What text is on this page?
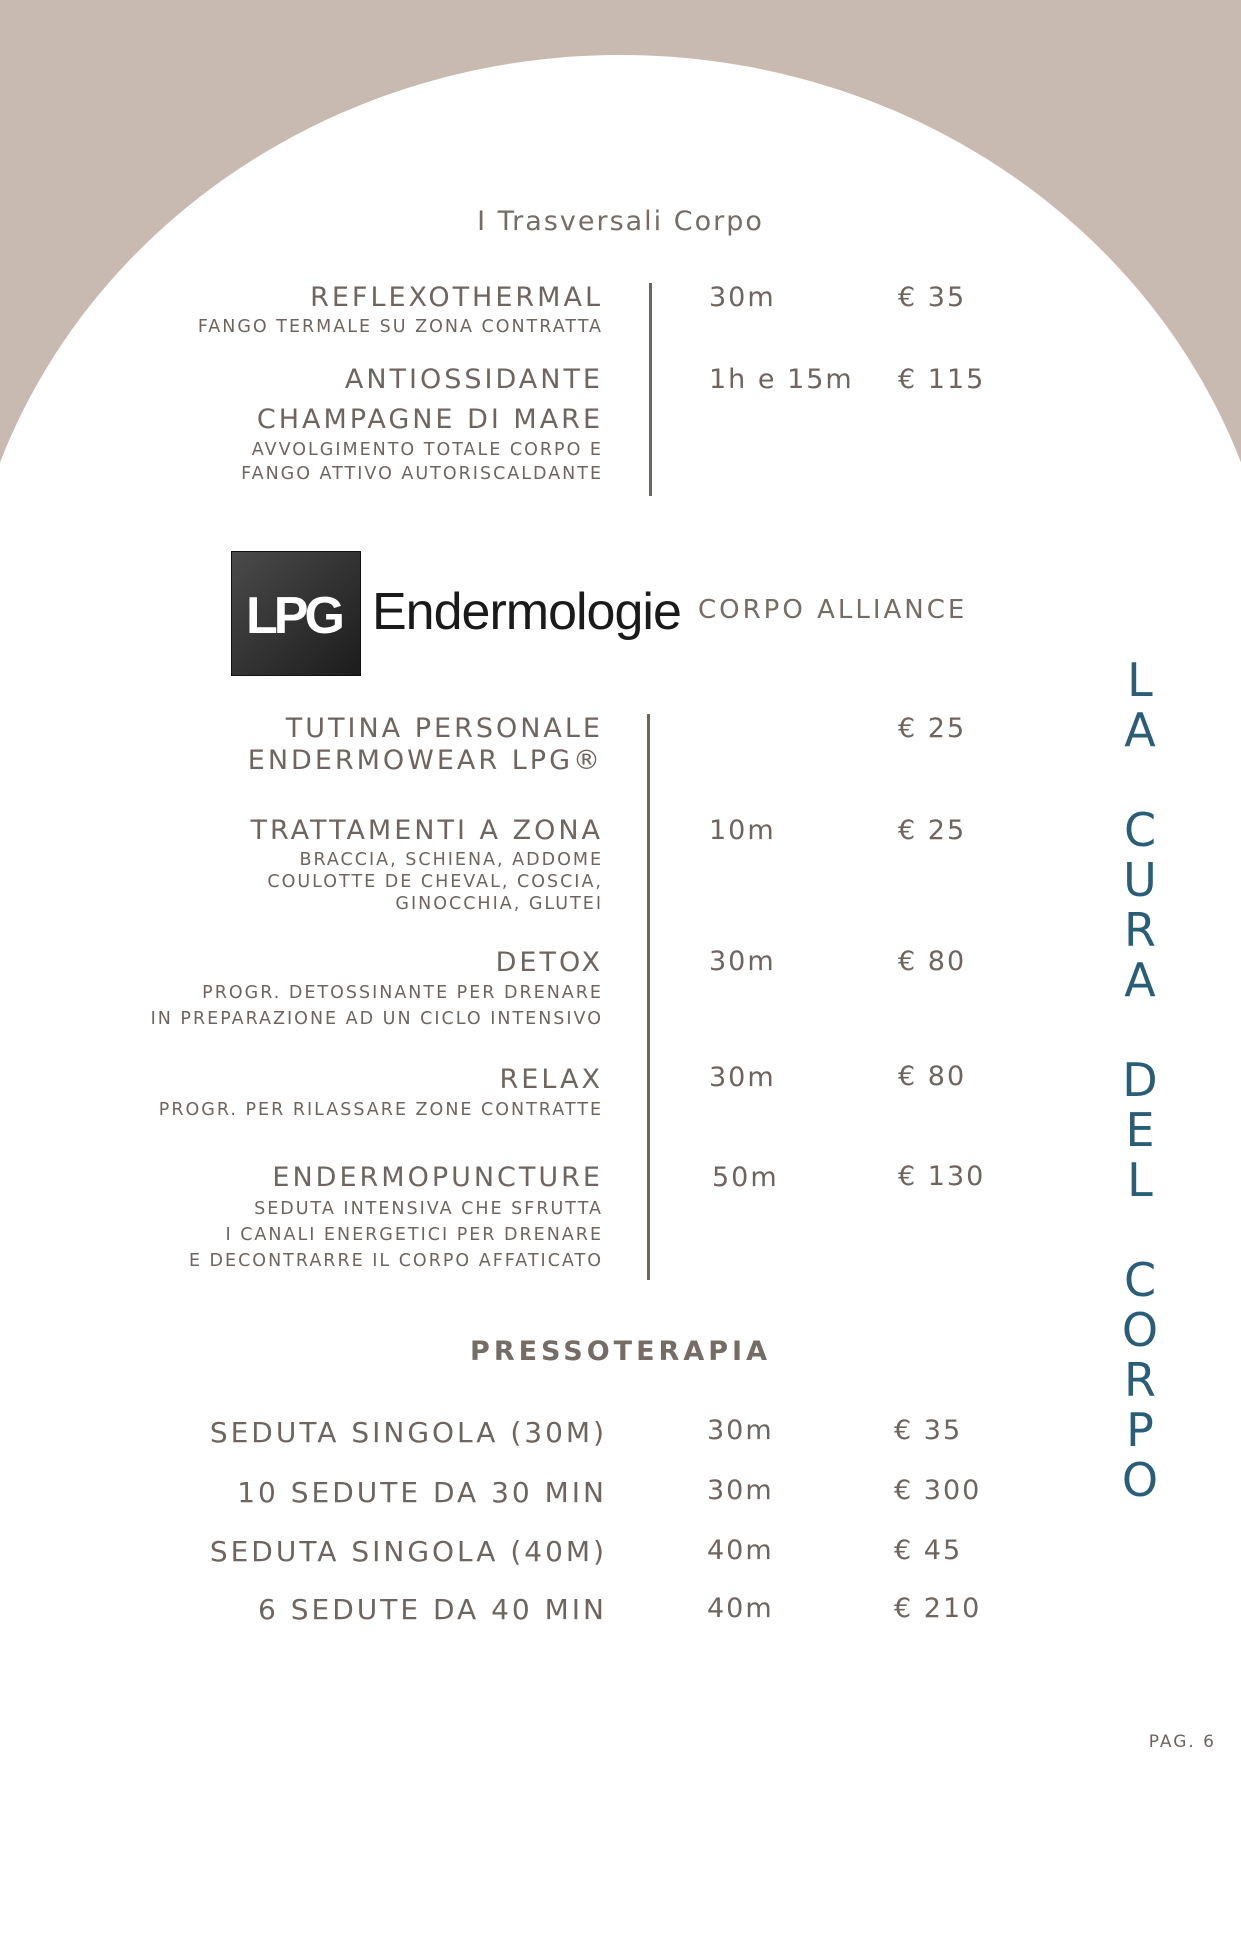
I Trasversali Corpo
REFLEXOTHERMAL
FANGO TERMALE SU ZONA CONTRATTA
30m	€ 35
ANTIOSSIDANTE
CHAMPAGNE DI MARE
AVVOLGIMENTO TOTALE CORPO E
FANGO ATTIVO AUTORISCALDANTE
1h e 15m € 115
LPG Endermologie CORPO ALLIANCE
TUTINA PERSONALE
ENDERMOWEAR LPG®
€ 25
TRATTAMENTI A ZONA
BRACCIA, SCHIENA, ADDOME
COULOTTE DE CHEVAL, COSCIA,
GINOCCHIA, GLUTEI
10m	€ 25
DETOX
PROGR. DETOSSINANTE PER DRENARE
IN PREPARAZIONE AD UN CICLO INTENSIVO
30m	€ 80
RELAX
PROGR. PER RILASSARE ZONE CONTRATTE
30m	€ 80
ENDERMOPUNCTURE
SEDUTA INTENSIVA CHE SFRUTTA
I CANALI ENERGETICI PER DRENARE
E DECONTRARRE IL CORPO AFFATICATO
50m	€ 130
PRESSOTERAPIA
SEDUTA SINGOLA (30M)	30m	€ 35
10 SEDUTE DA 30 MIN	30m	€ 300
SEDUTA SINGOLA (40M)	40m	€ 45
6 SEDUTE DA 40 MIN	40m	€ 210
L
A
C
U
R
A
D
E
L
C
O
R
P
O
PAG. 6
